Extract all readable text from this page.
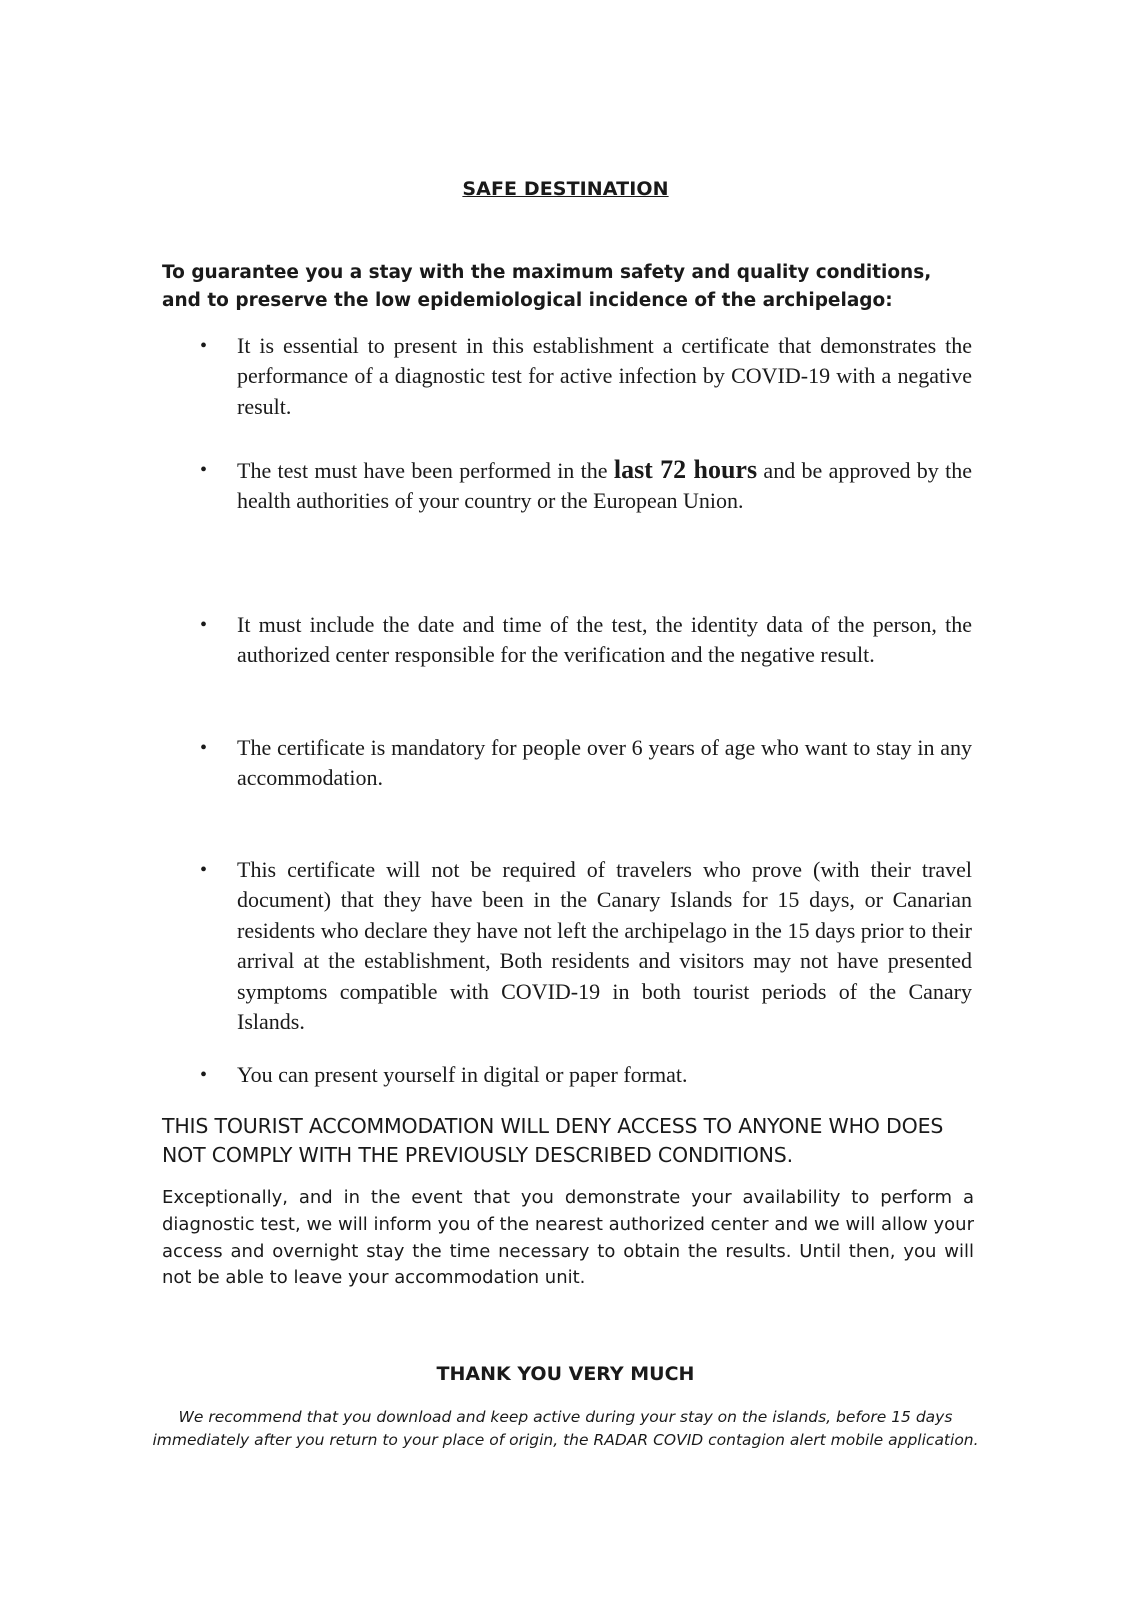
SAFE DESTINATION
To guarantee you a stay with the maximum safety and quality conditions, and to preserve the low epidemiological incidence of the archipelago:
•	It is essential to present in this establishment a certificate that demonstrates the performance of a diagnostic test for active infection by COVID-19 with a negative result.
•	The test must have been performed in the last 72 hours and be approved by the health authorities of your country or the European Union.
•	It must include the date and time of the test, the identity data of the person, the authorized center responsible for the verification and the negative result.
•	The certificate is mandatory for people over 6 years of age who want to stay in any accommodation.
•	This certificate will not be required of travelers who prove (with their travel document) that they have been in the Canary Islands for 15 days, or Canarian residents who declare they have not left the archipelago in the 15 days prior to their arrival at the establishment, Both residents and visitors may not have presented symptoms compatible with COVID-19 in both tourist periods of the Canary Islands.
•	You can present yourself in digital or paper format.
THIS TOURIST ACCOMMODATION WILL DENY ACCESS TO ANYONE WHO DOES NOT COMPLY WITH THE PREVIOUSLY DESCRIBED CONDITIONS.
Exceptionally, and in the event that you demonstrate your availability to perform a diagnostic test, we will inform you of the nearest authorized center and we will allow your access and overnight stay the time necessary to obtain the results. Until then, you will not be able to leave your accommodation unit.
THANK YOU VERY MUCH
We recommend that you download and keep active during your stay on the islands, before 15 days immediately after you return to your place of origin, the RADAR COVID contagion alert mobile application.
